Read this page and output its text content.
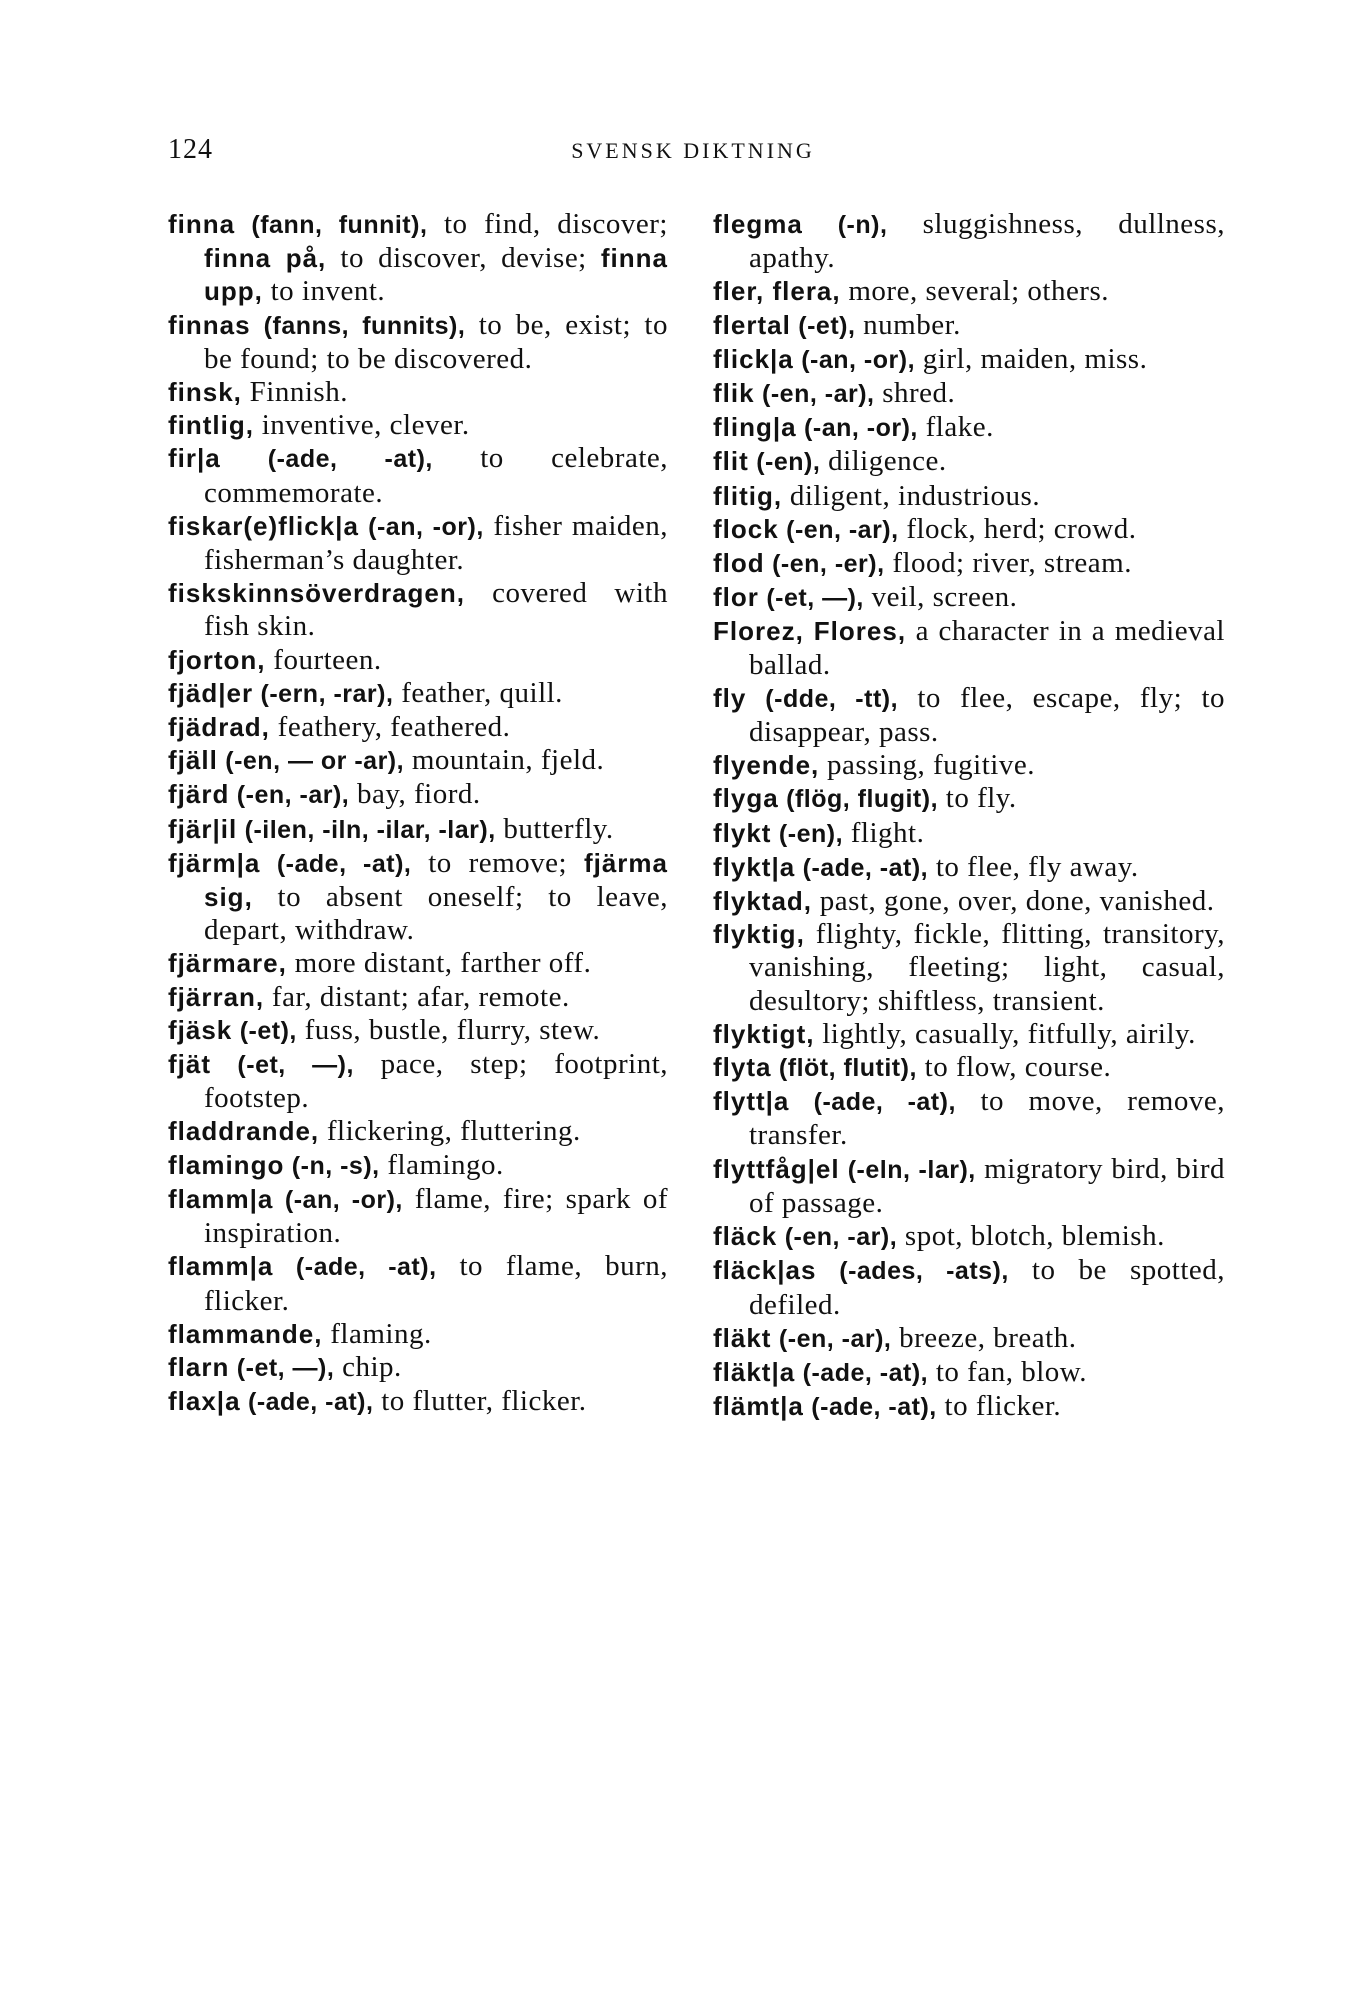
124	SVENSK DIKTNING

finna (fann, funnit), to find, discover; finna på, to discover, devise; finna upp, to invent.

finnas (fanns, funnits), to be, exist; to be found; to be discovered.

finsk, Finnish.

fintlig, inventive, clever.

fir|a (-ade, -at), to celebrate, commemorate.

fiskar(e)flick|a (-an, -or), fisher maiden, fisherman’s daughter.

fiskskinnsöverdragen, covered with fish skin.

fjorton, fourteen.

fjäd|er (-ern, -rar), feather, quill.

fjädrad, feathery, feathered.

fjäll (-en, — or -ar), mountain, fjeld.

fjärd (-en, -ar), bay, fiord.

fjär|il (-ilen, -iln, -ilar, -lar), butterfly.

fjärm|a (-ade, -at), to remove; fjärma sig, to absent oneself; to leave, depart, withdraw.

fjärmare, more distant, farther off.

fjärran, far, distant; afar, remote.

fjäsk (-et), fuss, bustle, flurry, stew.

fjät (-et, —), pace, step; footprint, footstep.

fladdrande, flickering, fluttering.

flamingo (-n, -s), flamingo.

flamm|a (-an, -or), flame, fire; spark of inspiration.

flamm|a (-ade, -at), to flame, burn, flicker.

flammande, flaming.

flarn (-et, —), chip.

flax|a (-ade, -at), to flutter, flicker.

flegma (-n), sluggishness, dullness, apathy.

fler, flera, more, several; others.

flertal (-et), number.

flick|a (-an, -or), girl, maiden, miss.

flik (-en, -ar), shred.

fling|a (-an, -or), flake.

flit (-en), diligence.

flitig, diligent, industrious.

flock (-en, -ar), flock, herd; crowd.

flod (-en, -er), flood; river, stream.

flor (-et, —), veil, screen.

Florez, Flores, a character in a medieval ballad.

fly (-dde, -tt), to flee, escape, fly; to disappear, pass.

flyende, passing, fugitive.

flyga (flög, flugit), to fly.

flykt (-en), flight.

flykt|a (-ade, -at), to flee, fly away.

flyktad, past, gone, over, done, vanished.

flyktig, flighty, fickle, flitting, transitory, vanishing, fleeting; light, casual, desultory; shiftless, transient.

flyktigt, lightly, casually, fitfully, airily.

flyta (flöt, flutit), to flow, course.

flytt|a (-ade, -at), to move, remove, transfer.

flyttfåg|el (-eln, -lar), migratory bird, bird of passage.

fläck (-en, -ar), spot, blotch, blemish.

fläck|as (-ades, -ats), to be spotted, defiled.

fläkt (-en, -ar), breeze, breath.

fläkt|a (-ade, -at), to fan, blow.

flämt|a (-ade, -at), to flicker.
